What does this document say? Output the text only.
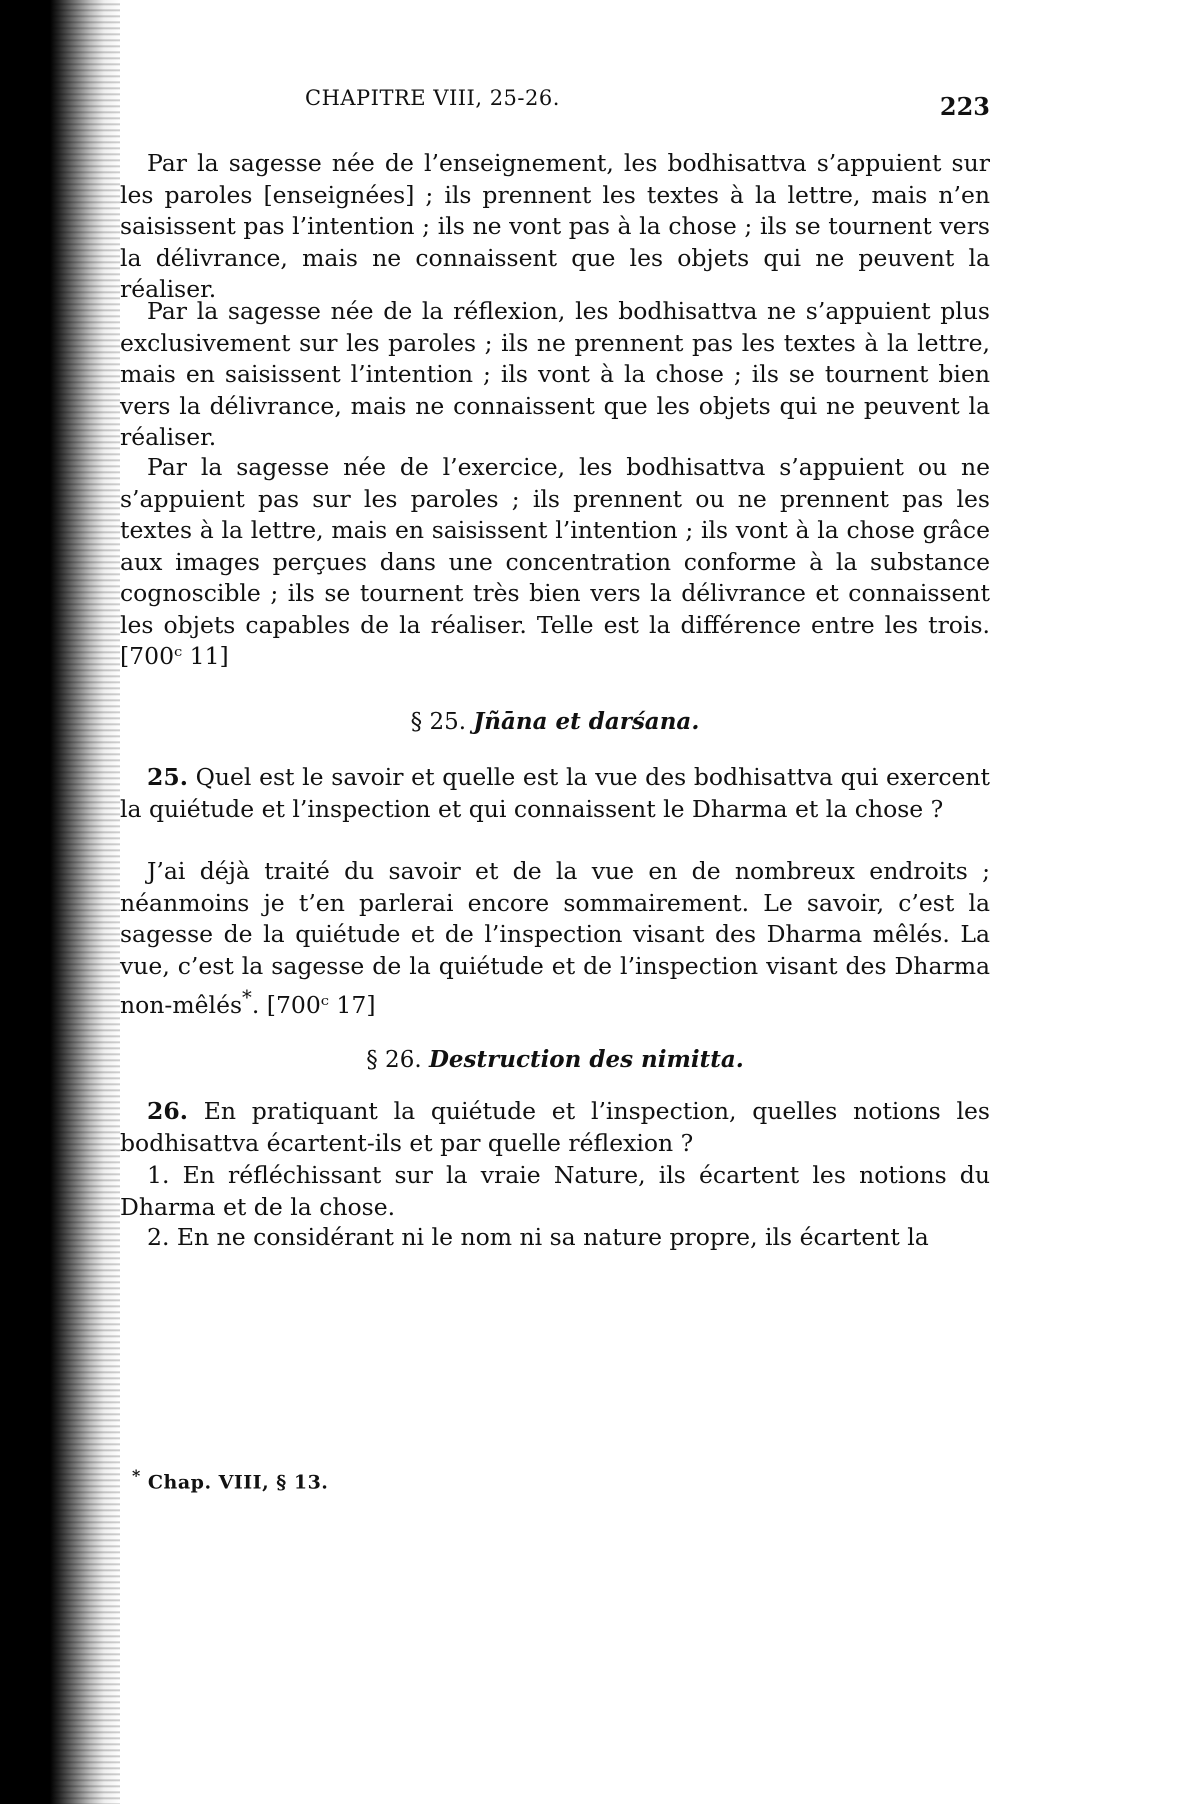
CHAPITRE VIII, 25-26.	223

Par la sagesse née de l’enseignement, les bodhisattva s’appuient sur les paroles [enseignées] ; ils prennent les textes à la lettre, mais n’en saisissent pas l’intention ; ils ne vont pas à la chose ; ils se tournent vers la délivrance, mais ne connaissent que les objets qui ne peuvent la réaliser.

Par la sagesse née de la réflexion, les bodhisattva ne s’appuient plus exclusivement sur les paroles ; ils ne prennent pas les textes à la lettre, mais en saisissent l’intention ; ils vont à la chose ; ils se tournent bien vers la délivrance, mais ne connaissent que les objets qui ne peuvent la réaliser.

Par la sagesse née de l’exercice, les bodhisattva s’appuient ou ne s’appuient pas sur les paroles ; ils prennent ou ne prennent pas les textes à la lettre, mais en saisissent l’intention ; ils vont à la chose grâce aux images perçues dans une concentration conforme à la substance cognoscible ; ils se tournent très bien vers la délivrance et connaissent les objets capables de la réaliser. Telle est la différence entre les trois. [700ᶜ 11]

§ 25. Jñāna et darśana.

25. Quel est le savoir et quelle est la vue des bodhisattva qui exercent la quiétude et l’inspection et qui connaissent le Dharma et la chose ?

J’ai déjà traité du savoir et de la vue en de nombreux endroits ; néanmoins je t’en parlerai encore sommairement. Le savoir, c’est la sagesse de la quiétude et de l’inspection visant des Dharma mêlés. La vue, c’est la sagesse de la quiétude et de l’inspection visant des Dharma non-mêlés*. [700ᶜ 17]

§ 26. Destruction des nimitta.

26. En pratiquant la quiétude et l’inspection, quelles notions les bodhisattva écartent-ils et par quelle réflexion ?

1. En réfléchissant sur la vraie Nature, ils écartent les notions du Dharma et de la chose.

2. En ne considérant ni le nom ni sa nature propre, ils écartent la

* Chap. VIII, § 13.
